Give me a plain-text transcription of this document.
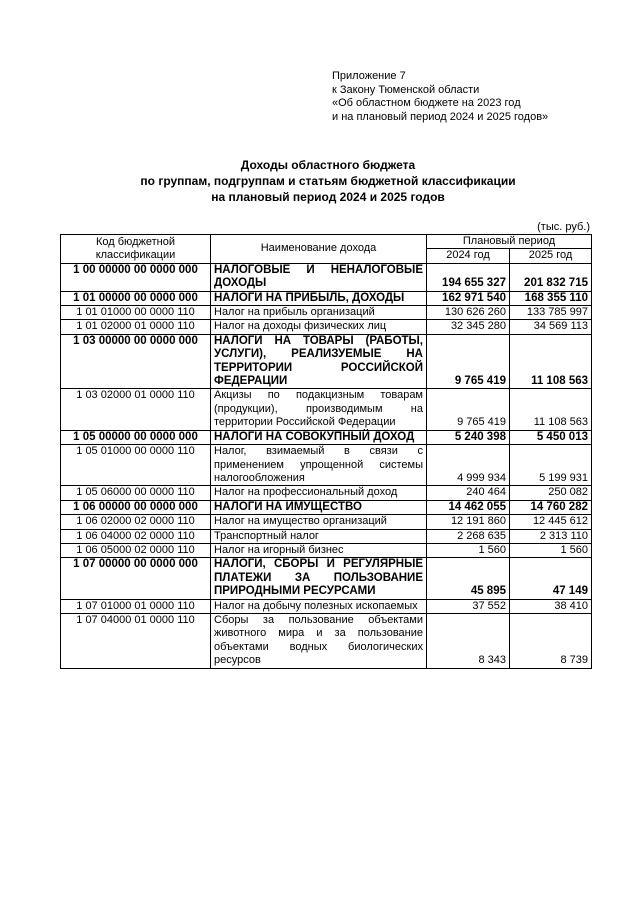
Приложение 7
к Закону Тюменской области
«Об областном бюджете на 2023 год
и на плановый период 2024 и 2025 годов»
Доходы областного бюджета
по группам, подгруппам и статьям бюджетной классификации
на плановый период 2024 и 2025 годов
(тыс. руб.)
Код бюджетной классификации	Наименование дохода	Плановый период	
		2024 год	2025 год
1 00 00000 00 0000 000	НАЛОГОВЫЕ И НЕНАЛОГОВЫЕ ДОХОДЫ	194 655 327	201 832 715
1 01 00000 00 0000 000	НАЛОГИ НА ПРИБЫЛЬ, ДОХОДЫ	162 971 540	168 355 110
1 01 01000 00 0000 110	Налог на прибыль организаций	130 626 260	133 785 997
1 01 02000 01 0000 110	Налог на доходы физических лиц	32 345 280	34 569 113
1 03 00000 00 0000 000	НАЛОГИ НА ТОВАРЫ (РАБОТЫ, УСЛУГИ), РЕАЛИЗУЕМЫЕ НА ТЕРРИТОРИИ РОССИЙСКОЙ ФЕДЕРАЦИИ	9 765 419	11 108 563
1 03 02000 01 0000 110	Акцизы по подакцизным товарам (продукции), производимым на территории Российской Федерации	9 765 419	11 108 563
1 05 00000 00 0000 000	НАЛОГИ НА СОВОКУПНЫЙ ДОХОД	5 240 398	5 450 013
1 05 01000 00 0000 110	Налог, взимаемый в связи с применением упрощенной системы налогообложения	4 999 934	5 199 931
1 05 06000 00 0000 110	Налог на профессиональный доход	240 464	250 082
1 06 00000 00 0000 000	НАЛОГИ НА ИМУЩЕСТВО	14 462 055	14 760 282
1 06 02000 02 0000 110	Налог на имущество организаций	12 191 860	12 445 612
1 06 04000 02 0000 110	Транспортный налог	2 268 635	2 313 110
1 06 05000 02 0000 110	Налог на игорный бизнес	1 560	1 560
1 07 00000 00 0000 000	НАЛОГИ, СБОРЫ И РЕГУЛЯРНЫЕ ПЛАТЕЖИ ЗА ПОЛЬЗОВАНИЕ ПРИРОДНЫМИ РЕСУРСАМИ	45 895	47 149
1 07 01000 01 0000 110	Налог на добычу полезных ископаемых	37 552	38 410
1 07 04000 01 0000 110	Сборы за пользование объектами животного мира и за пользование объектами водных биологических ресурсов	8 343	8 739
